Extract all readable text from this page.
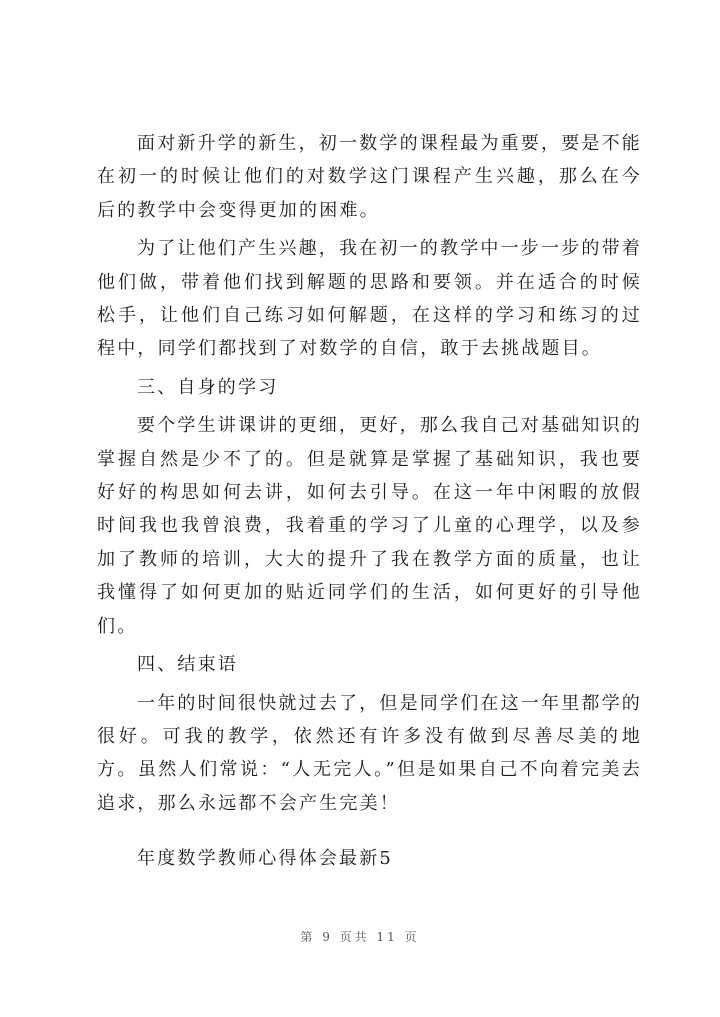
面对新升学的新生，初一数学的课程最为重要，要是不能在初一的时候让他们的对数学这门课程产生兴趣，那么在今后的教学中会变得更加的困难。

为了让他们产生兴趣，我在初一的教学中一步一步的带着他们做，带着他们找到解题的思路和要领。并在适合的时候松手，让他们自己练习如何解题，在这样的学习和练习的过程中，同学们都找到了对数学的自信，敢于去挑战题目。

三、自身的学习

要个学生讲课讲的更细，更好，那么我自己对基础知识的掌握自然是少不了的。但是就算是掌握了基础知识，我也要好好的构思如何去讲，如何去引导。在这一年中闲暇的放假时间我也我曾浪费，我着重的学习了儿童的心理学，以及参加了教师的培训，大大的提升了我在教学方面的质量，也让我懂得了如何更加的贴近同学们的生活，如何更好的引导他们。

四、结束语

一年的时间很快就过去了，但是同学们在这一年里都学的很好。可我的教学，依然还有许多没有做到尽善尽美的地方。虽然人们常说：“人无完人。”但是如果自己不向着完美去追求，那么永远都不会产生完美！

年度数学教师心得体会最新5

第 9 页共 11 页
